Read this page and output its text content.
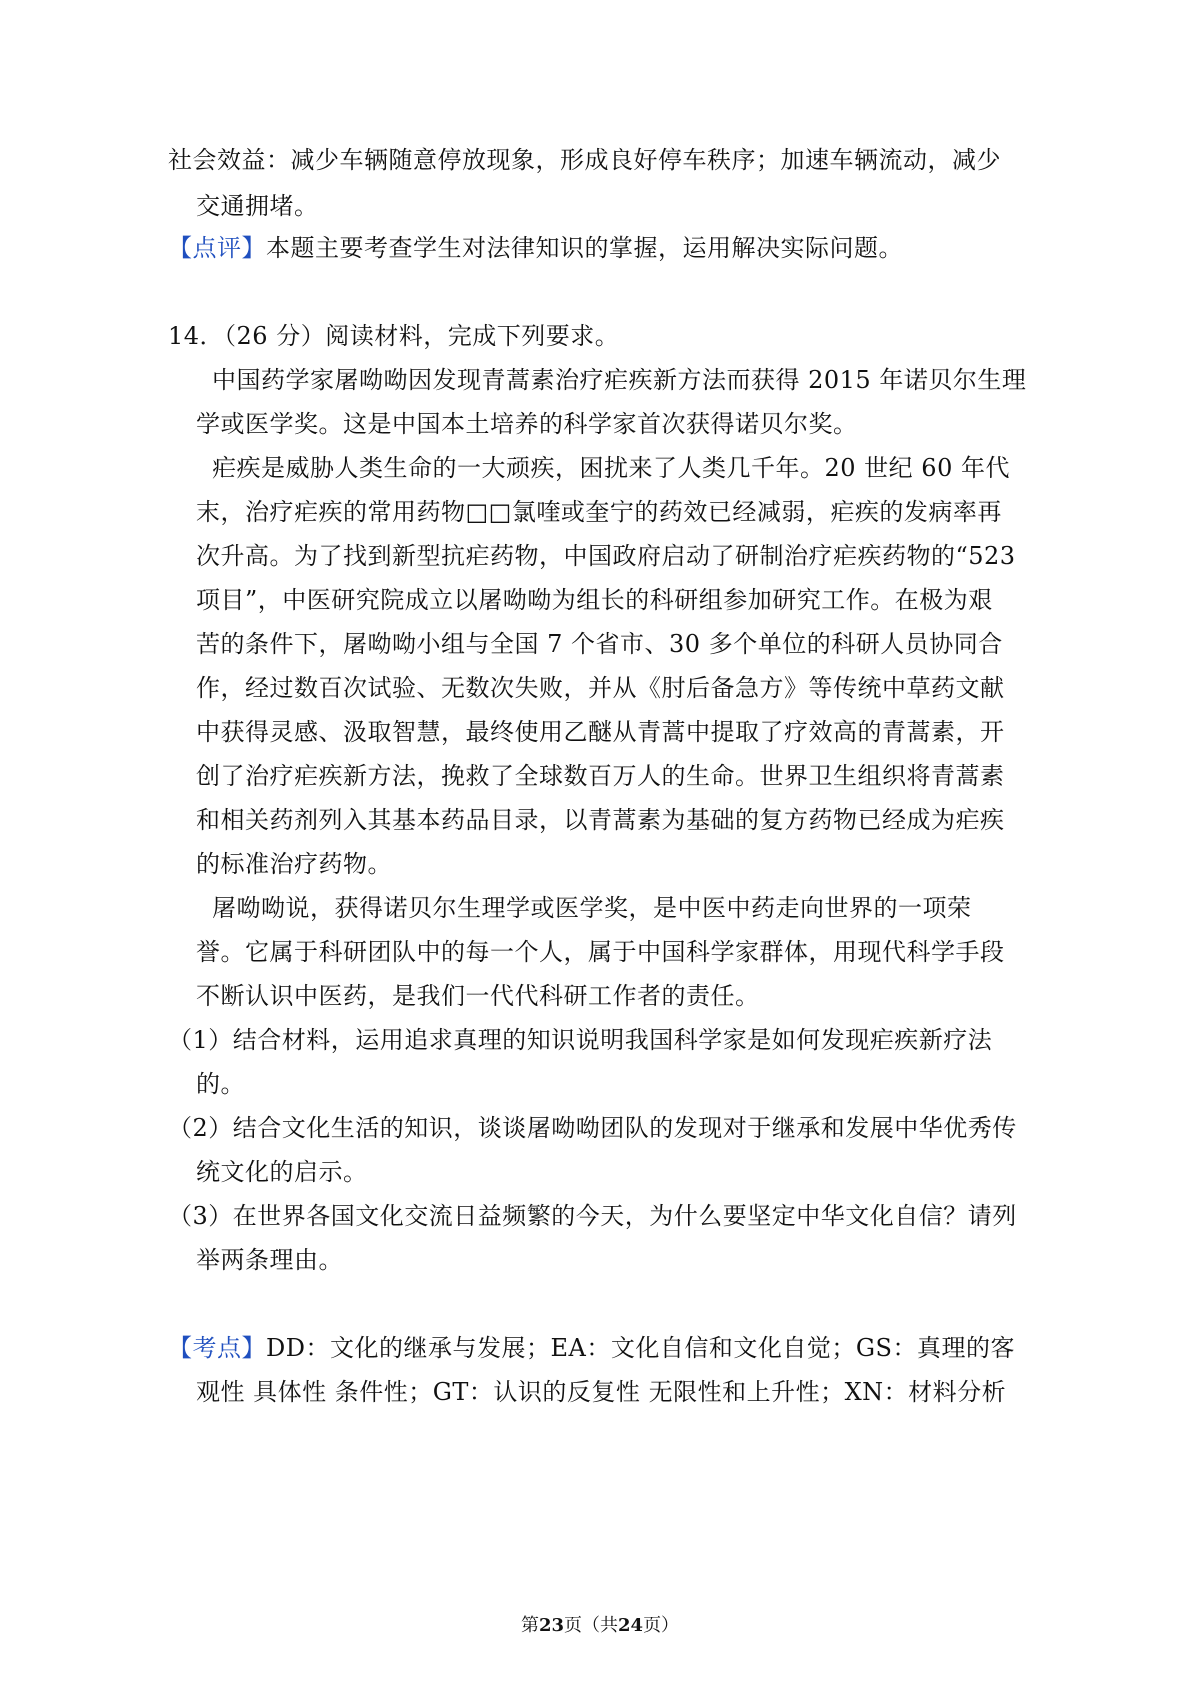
社会效益：减少车辆随意停放现象，形成良好停车秩序；加速车辆流动，减少
交通拥堵。
【点评】本题主要考查学生对法律知识的掌握，运用解决实际问题。
14．（26 分）阅读材料，完成下列要求。
中国药学家屠呦呦因发现青蒿素治疗疟疾新方法而获得 2015 年诺贝尔生理
学或医学奖。这是中国本土培养的科学家首次获得诺贝尔奖。
疟疾是威胁人类生命的一大顽疾，困扰来了人类几千年。20 世纪 60 年代
末，治疗疟疾的常用药物□□氯喹或奎宁的药效已经减弱，疟疾的发病率再
次升高。为了找到新型抗疟药物，中国政府启动了研制治疗疟疾药物的“523
项目”，中医研究院成立以屠呦呦为组长的科研组参加研究工作。在极为艰
苦的条件下，屠呦呦小组与全国 7 个省市、30 多个单位的科研人员协同合
作，经过数百次试验、无数次失败，并从《肘后备急方》等传统中草药文献
中获得灵感、汲取智慧，最终使用乙醚从青蒿中提取了疗效高的青蒿素，开
创了治疗疟疾新方法，挽救了全球数百万人的生命。世界卫生组织将青蒿素
和相关药剂列入其基本药品目录，以青蒿素为基础的复方药物已经成为疟疾
的标准治疗药物。
屠呦呦说，获得诺贝尔生理学或医学奖，是中医中药走向世界的一项荣
誉。它属于科研团队中的每一个人，属于中国科学家群体，用现代科学手段
不断认识中医药，是我们一代代科研工作者的责任。
（1）结合材料，运用追求真理的知识说明我国科学家是如何发现疟疾新疗法
的。
（2）结合文化生活的知识，谈谈屠呦呦团队的发现对于继承和发展中华优秀传
统文化的启示。
（3）在世界各国文化交流日益频繁的今天，为什么要坚定中华文化自信？请列
举两条理由。
【考点】DD：文化的继承与发展；EA：文化自信和文化自觉；GS：真理的客
观性 具体性 条件性；GT：认识的反复性 无限性和上升性；XN：材料分析
第23页（共24页）
